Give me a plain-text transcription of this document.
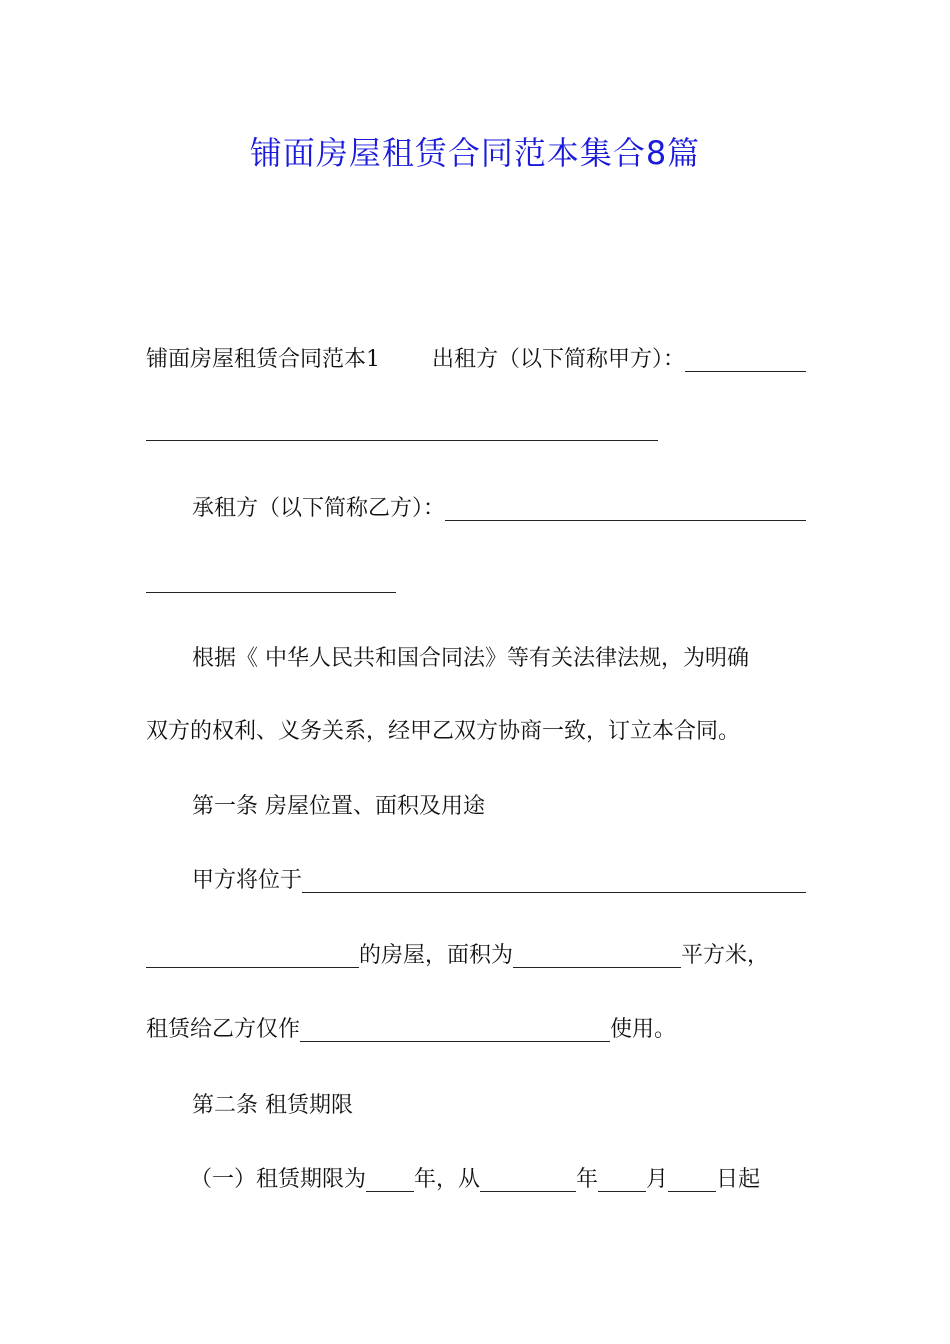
铺面房屋租赁合同范本集合8篇
铺面房屋租赁合同范本1 出租方（以下简称甲方）：
承租方（以下简称乙方）：
根据《 中华人民共和国合同法》等有关法律法规，为明确
双方的权利、义务关系，经甲乙双方协商一致，订立本合同。
第一条 房屋位置、面积及用途
甲方将位于
的房屋，面积为	平方米，
租赁给乙方仅作	使用。
第二条 租赁期限
（一）租赁期限为 年，从	年 月 日起
